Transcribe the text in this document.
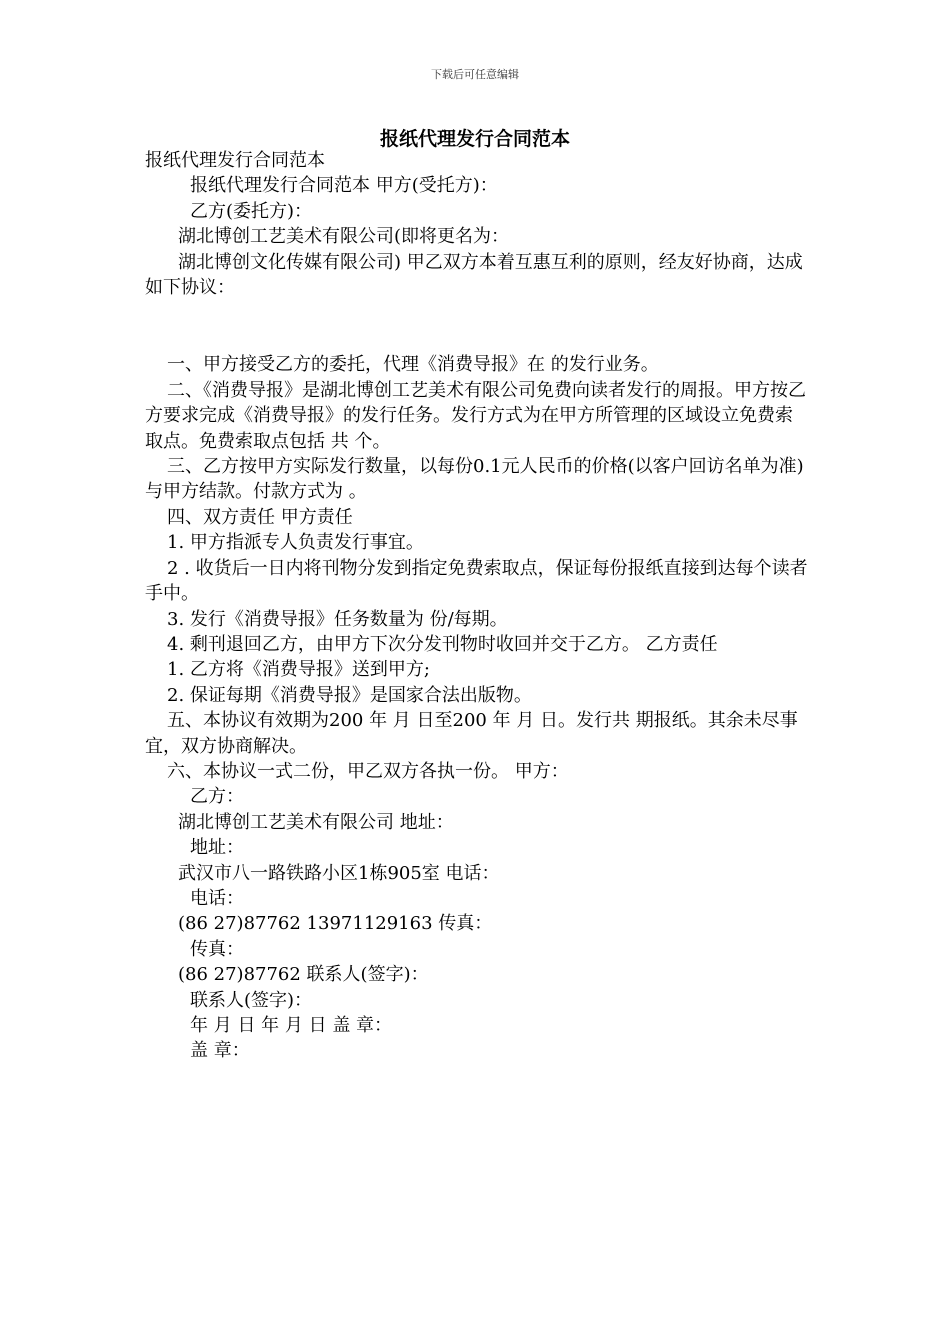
下载后可任意编辑
报纸代理发行合同范本

报纸代理发行合同范本

报纸代理发行合同范本 甲方(受托方)：

乙方(委托方)：

湖北博创工艺美术有限公司(即将更名为：

湖北博创文化传媒有限公司) 甲乙双方本着互惠互利的原则，经友好协商，达成如下协议：

一、甲方接受乙方的委托，代理《消费导报》在 的发行业务。

二、《消费导报》是湖北博创工艺美术有限公司免费向读者发行的周报。甲方按乙方要求完成《消费导报》的发行任务。发行方式为在甲方所管理的区域设立免费索取点。免费索取点包括 共 个。

三、乙方按甲方实际发行数量，以每份0.1元人民币的价格(以客户回访名单为准)与甲方结款。付款方式为 。

四、双方责任 甲方责任

1. 甲方指派专人负责发行事宜。

2 . 收货后一日内将刊物分发到指定免费索取点，保证每份报纸直接到达每个读者手中。

3. 发行《消费导报》任务数量为 份/每期。

4. 剩刊退回乙方，由甲方下次分发刊物时收回并交于乙方。 乙方责任

1. 乙方将《消费导报》送到甲方;

2. 保证每期《消费导报》是国家合法出版物。

五、本协议有效期为200 年 月 日至200 年 月 日。发行共 期报纸。其余未尽事宜，双方协商解决。

六、本协议一式二份，甲乙双方各执一份。 甲方：

乙方：

湖北博创工艺美术有限公司 地址：

地址：

武汉市八一路铁路小区1栋905室 电话：

电话：

(86 27)87762 13971129163 传真：

传真：

(86 27)87762 联系人(签字)：

联系人(签字)：

年 月 日 年 月 日 盖 章：

盖 章：
